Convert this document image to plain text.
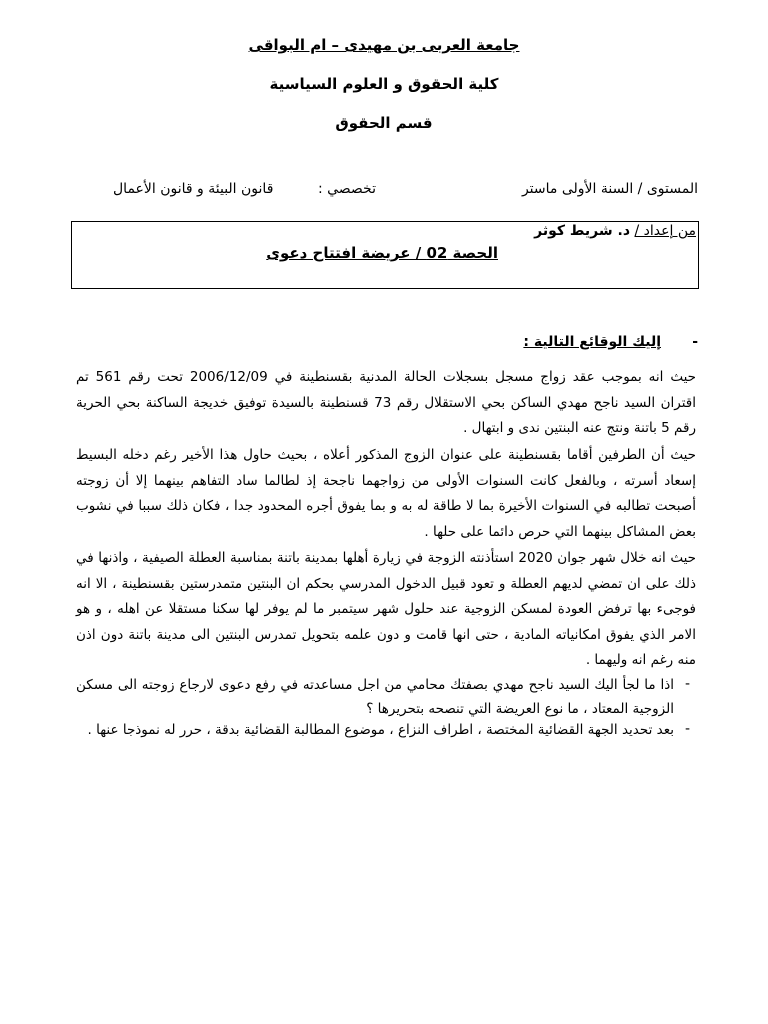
جامعة العربى بن مهيدى – ام البواقى
كلية الحقوق و العلوم السياسية
قسم الحقوق
المستوى / السنة الأولى ماستر
تخصصي :
قانون البيئة و قانون الأعمال
من إعداد / د. شريط كوثر
الحصة 02 / عريضة افتتاح دعوى
-
إليك الوقائع التالية :
حيث انه بموجب عقد زواج مسجل بسجلات الحالة المدنية بقسنطينة في 2006/12/09 تحت رقم 561 تم اقتران السيد ناجح مهدي الساكن بحي الاستقلال رقم 73 قسنطينة بالسيدة توفيق خديجة الساكنة بحي الحرية رقم 5 باتنة ونتج عنه البنتين ندى و ابتهال .
حيث أن الطرفين أقاما بقسنطينة على عنوان الزوج المذكور أعلاه ، بحيث حاول هذا الأخير رغم دخله البسيط إسعاد أسرته ، وبالفعل كانت السنوات الأولى من زواجهما ناجحة إذ لطالما ساد التفاهم بينهما إلا أن زوجته أصبحت تطالبه في السنوات الأخيرة بما لا طاقة له به و بما يفوق أجره المحدود جدا ، فكان ذلك سببا في نشوب بعض المشاكل بينهما التي حرص دائما على حلها .
حيث انه خلال شهر جوان 2020 استأذنته الزوجة في زيارة أهلها بمدينة باتنة بمناسبة العطلة الصيفية ، واذنها في ذلك على ان تمضي لديهم العطلة و تعود قبيل الدخول المدرسي بحكم ان البنتين متمدرستين بقسنطينة ، الا انه فوجىء بها ترفض العودة لمسكن الزوجية عند حلول شهر سيتمبر ما لم يوفر لها سكنا مستقلا عن اهله ، و هو الامر الذي يفوق امكانياته المادية ، حتى انها قامت و دون علمه بتحويل تمدرس البنتين الى مدينة باتنة دون اذن منه رغم انه وليهما .
-
اذا ما لجأ اليك السيد ناجح مهدي بصفتك محامي من اجل مساعدته في رفع دعوى لارجاع زوجته الى مسكن الزوجية المعتاد ، ما نوع العريضة التي تنصحه بتحريرها ؟
-
بعد تحديد الجهة القضائية المختصة ، اطراف النزاع ، موضوع المطالبة القضائية بدقة ، حرر له نموذجا عنها .
